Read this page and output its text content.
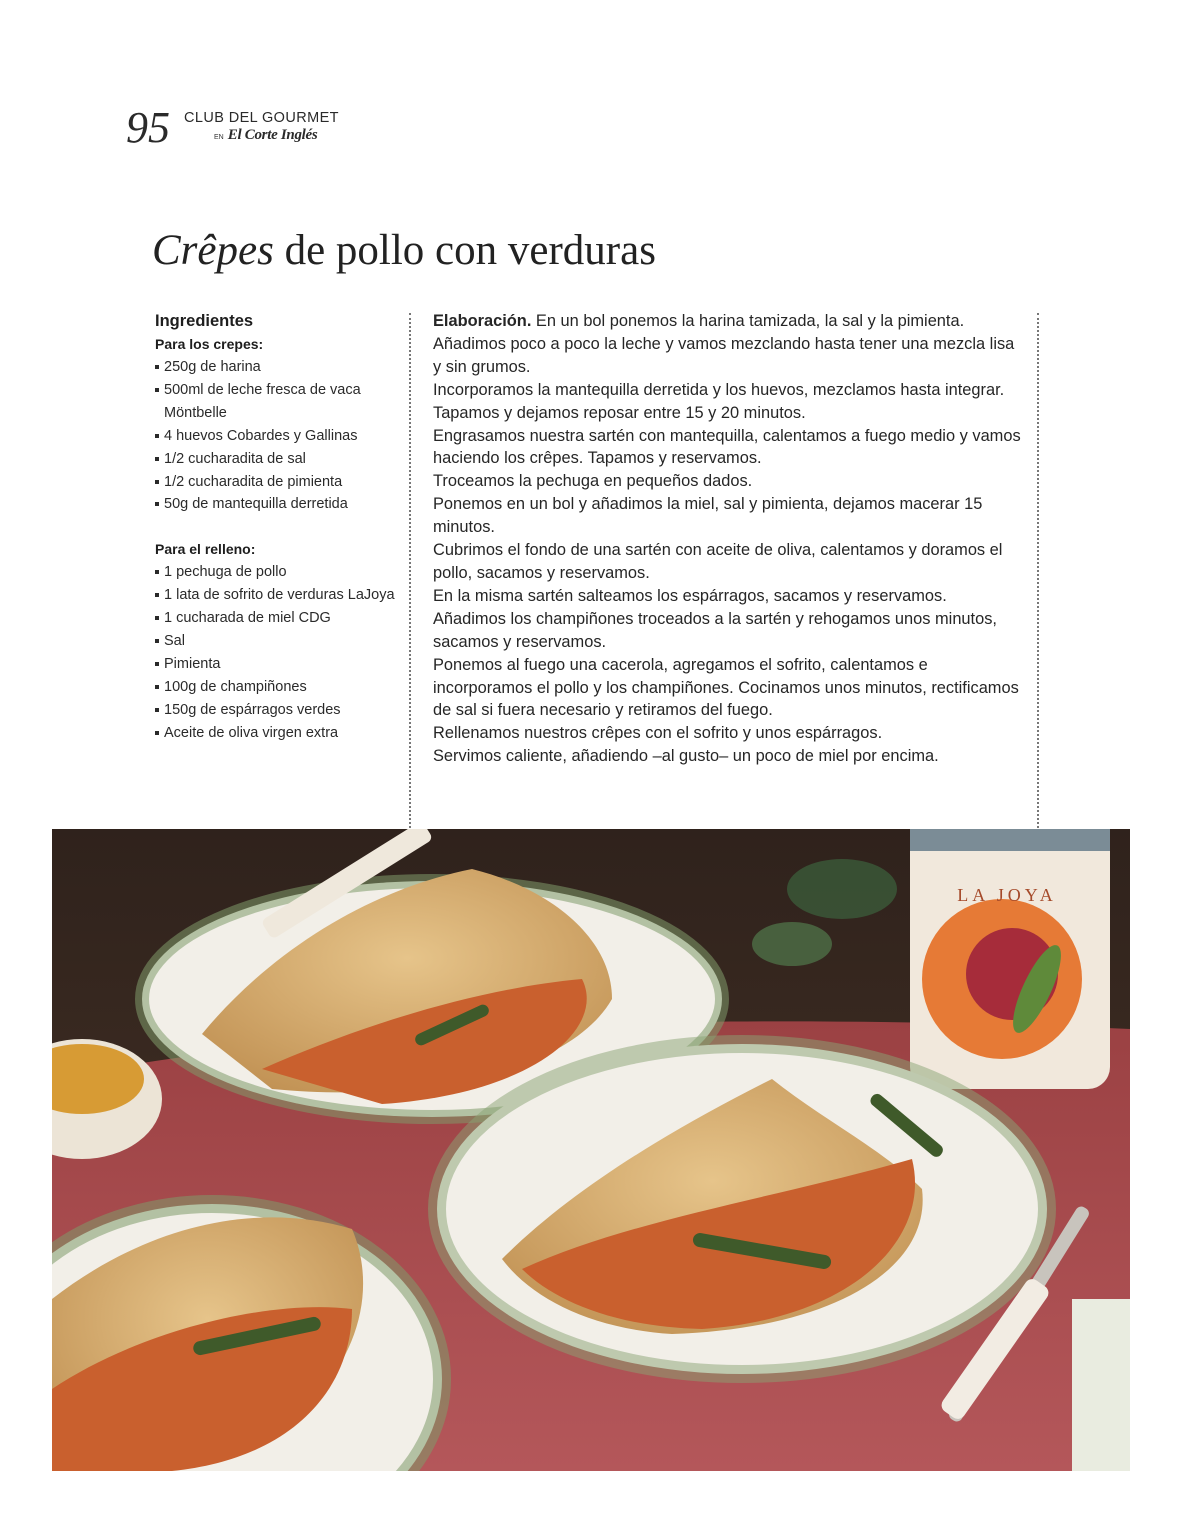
95 CLUB DEL GOURMET
EN El Corte Inglés
Crêpes de pollo con verduras
Ingredientes
Para los crepes:
250g de harina
500ml de leche fresca de vaca Möntbelle
4 huevos Cobardes y Gallinas
1/2 cucharadita de sal
1/2 cucharadita de pimienta
50g de mantequilla derretida
Para el relleno:
1 pechuga de pollo
1 lata de sofrito de verduras LaJoya
1 cucharada de miel CDG
Sal
Pimienta
100g de champiñones
150g de espárragos verdes
Aceite de oliva virgen extra

Elaboración. En un bol ponemos la harina tamizada, la sal y la pimienta. Añadimos poco a poco la leche y vamos mezclando hasta tener una mezcla lisa y sin grumos.

Incorporamos la mantequilla derretida y los huevos, mezclamos hasta integrar. Tapamos y dejamos reposar entre 15 y 20 minutos.

Engrasamos nuestra sartén con mantequilla, calentamos a fuego medio y vamos haciendo los crêpes. Tapamos y reservamos.

Troceamos la pechuga en pequeños dados.

Ponemos en un bol y añadimos la miel, sal y pimienta, dejamos macerar 15 minutos.

Cubrimos el fondo de una sartén con aceite de oliva, calentamos y doramos el pollo, sacamos y reservamos.

En la misma sartén salteamos los espárragos, sacamos y reservamos.

Añadimos los champiñones troceados a la sartén y rehogamos unos minutos, sacamos y reservamos.

Ponemos al fuego una cacerola, agregamos el sofrito, calentamos e incorporamos el pollo y los champiñones. Cocinamos unos minutos, rectificamos de sal si fuera necesario y retiramos del fuego.

Rellenamos nuestros crêpes con el sofrito y unos espárragos.

Servimos caliente, añadiendo –al gusto– un poco de miel por encima.

LA JOYA
